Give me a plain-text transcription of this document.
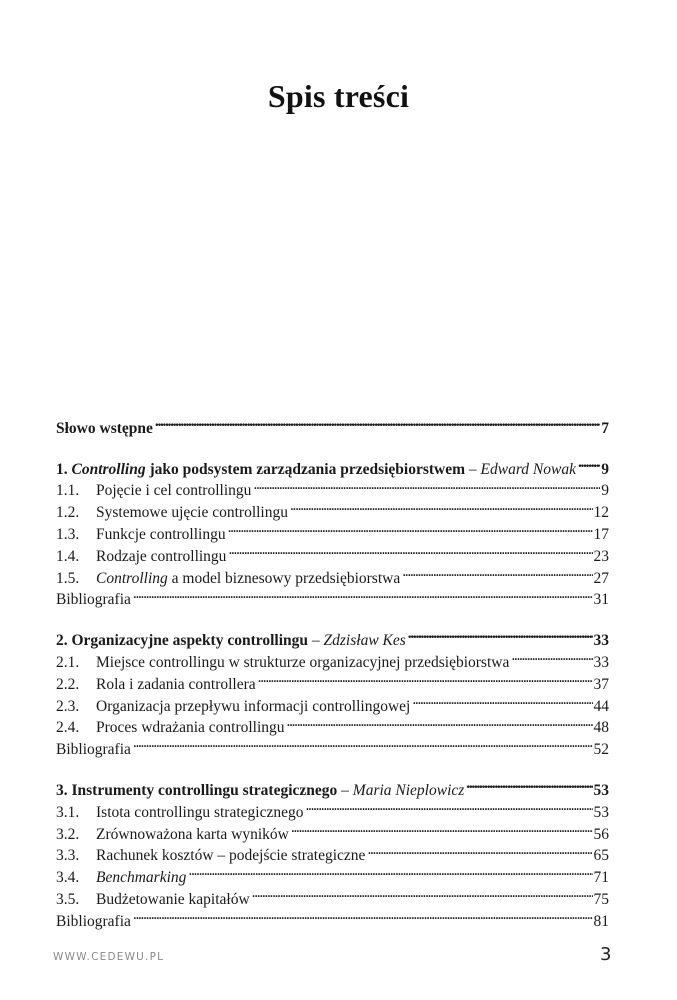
Spis treści
Słowo wstępne . . .	7
1. Controlling jako podsystem zarządzania przedsiębiorstwem – Edward Nowak . . . 9
1.1.	Pojęcie i cel controllingu . . .	9
1.2.	Systemowe ujęcie controllingu . . .	12
1.3.	Funkcje controllingu . . .	17
1.4.	Rodzaje controllingu . . .	23
1.5.	Controlling a model biznesowy przedsiębiorstwa . . .	27
Bibliografia . . .	31
2. Organizacyjne aspekty controllingu – Zdzisław Kes . . .	33
2.1.	Miejsce controllingu w strukturze organizacyjnej przedsiębiorstwa . . .	33
2.2.	Rola i zadania controllera . . .	37
2.3.	Organizacja przepływu informacji controllingowej . . .	44
2.4.	Proces wdrażania controllingu . . .	48
Bibliografia . . .	52
3. Instrumenty controllingu strategicznego – Maria Nieplowicz . . .	53
3.1.	Istota controllingu strategicznego . . .	53
3.2.	Zrównoważona karta wyników . . .	56
3.3.	Rachunek kosztów – podejście strategiczne . . .	65
3.4.	Benchmarking . . .	71
3.5.	Budżetowanie kapitałów . . .	75
Bibliografia . . .	81
WWW.CEDEWU.PL	3
